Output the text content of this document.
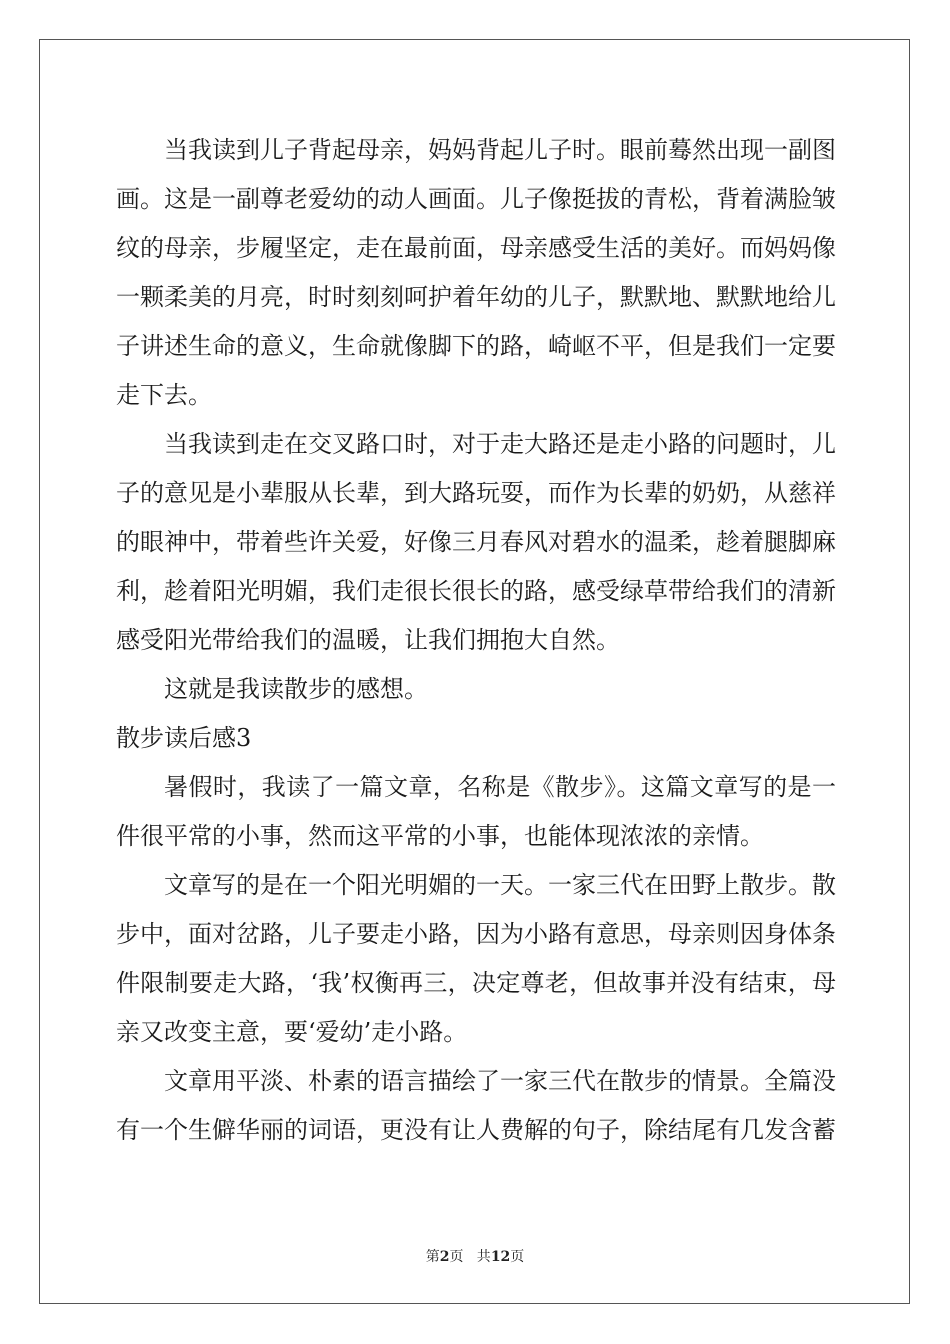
当我读到儿子背起母亲，妈妈背起儿子时。眼前蓦然出现一副图画。这是一副尊老爱幼的动人画面。儿子像挺拔的青松，背着满脸皱纹的母亲，步履坚定，走在最前面，母亲感受生活的美好。而妈妈像一颗柔美的月亮，时时刻刻呵护着年幼的儿子，默默地、默默地给儿子讲述生命的意义，生命就像脚下的路，崎岖不平，但是我们一定要走下去。

当我读到走在交叉路口时，对于走大路还是走小路的问题时，儿子的意见是小辈服从长辈，到大路玩耍，而作为长辈的奶奶，从慈祥的眼神中，带着些许关爱，好像三月春风对碧水的温柔，趁着腿脚麻利，趁着阳光明媚，我们走很长很长的路，感受绿草带给我们的清新感受阳光带给我们的温暖，让我们拥抱大自然。

这就是我读散步的感想。

散步读后感3

暑假时，我读了一篇文章，名称是《散步》。这篇文章写的是一件很平常的小事，然而这平常的小事，也能体现浓浓的亲情。

文章写的是在一个阳光明媚的一天。一家三代在田野上散步。散步中，面对岔路，儿子要走小路，因为小路有意思，母亲则因身体条件限制要走大路，‘我’权衡再三，决定尊老，但故事并没有结束，母亲又改变主意，要‘爱幼’走小路。

文章用平淡、朴素的语言描绘了一家三代在散步的情景。全篇没有一个生僻华丽的词语，更没有让人费解的句子，除结尾有几发含蓄

第2页   共12页
